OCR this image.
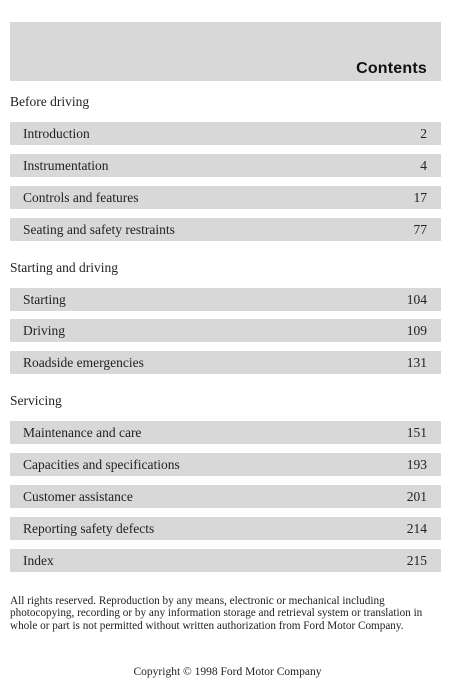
Contents
Before driving
Introduction	2
Instrumentation	4
Controls and features	17
Seating and safety restraints	77
Starting and driving
Starting	104
Driving	109
Roadside emergencies	131
Servicing
Maintenance and care	151
Capacities and specifications	193
Customer assistance	201
Reporting safety defects	214
Index	215
All rights reserved. Reproduction by any means, electronic or mechanical including photocopying, recording or by any information storage and retrieval system or translation in whole or part is not permitted without written authorization from Ford Motor Company.
Copyright © 1998 Ford Motor Company
